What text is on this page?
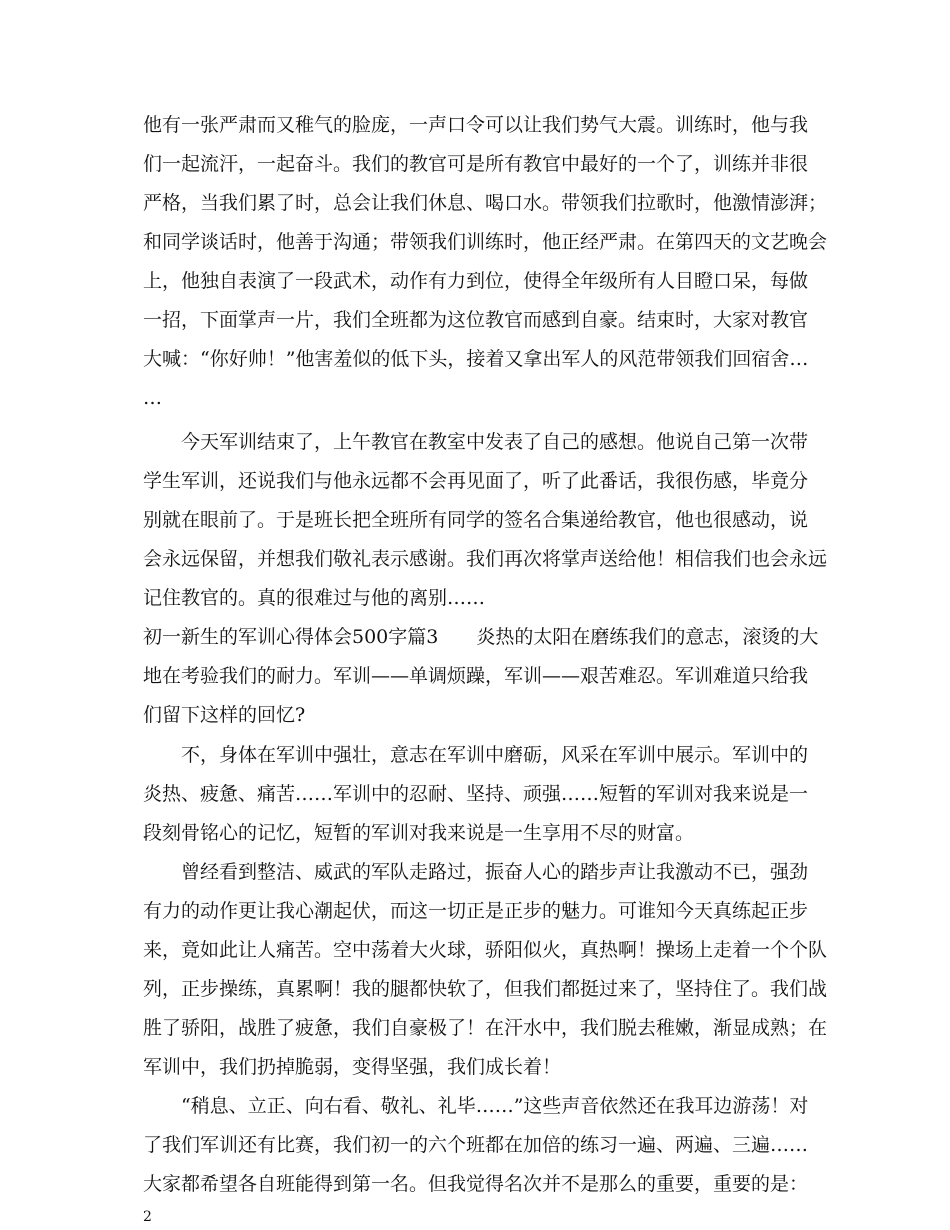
他有一张严肃而又稚气的脸庞，一声口令可以让我们势气大震。训练时，他与我
们一起流汗，一起奋斗。我们的教官可是所有教官中最好的一个了，训练并非很
严格，当我们累了时，总会让我们休息、喝口水。带领我们拉歌时，他激情澎湃；
和同学谈话时，他善于沟通；带领我们训练时，他正经严肃。在第四天的文艺晚会
上，他独自表演了一段武术，动作有力到位，使得全年级所有人目瞪口呆，每做
一招，下面掌声一片，我们全班都为这位教官而感到自豪。结束时，大家对教官
大喊：“你好帅！”他害羞似的低下头，接着又拿出军人的风范带领我们回宿舍…
…
今天军训结束了，上午教官在教室中发表了自己的感想。他说自己第一次带
学生军训，还说我们与他永远都不会再见面了，听了此番话，我很伤感，毕竟分
别就在眼前了。于是班长把全班所有同学的签名合集递给教官，他也很感动，说
会永远保留，并想我们敬礼表示感谢。我们再次将掌声送给他！相信我们也会永远
记住教官的。真的很难过与他的离别……
初一新生的军训心得体会500字篇3　　炎热的太阳在磨练我们的意志，滚烫的大
地在考验我们的耐力。军训——单调烦躁，军训——艰苦难忍。军训难道只给我
们留下这样的回忆?
不，身体在军训中强壮，意志在军训中磨砺，风采在军训中展示。军训中的
炎热、疲惫、痛苦……军训中的忍耐、坚持、顽强……短暂的军训对我来说是一
段刻骨铭心的记忆，短暂的军训对我来说是一生享用不尽的财富。
曾经看到整洁、威武的军队走路过，振奋人心的踏步声让我激动不已，强劲
有力的动作更让我心潮起伏，而这一切正是正步的魅力。可谁知今天真练起正步
来，竟如此让人痛苦。空中荡着大火球，骄阳似火，真热啊！操场上走着一个个队
列，正步操练，真累啊！我的腿都快软了，但我们都挺过来了，坚持住了。我们战
胜了骄阳，战胜了疲惫，我们自豪极了！在汗水中，我们脱去稚嫩，渐显成熟；在
军训中，我们扔掉脆弱，变得坚强，我们成长着！
“稍息、立正、向右看、敬礼、礼毕……”这些声音依然还在我耳边游荡！对
了我们军训还有比赛，我们初一的六个班都在加倍的练习一遍、两遍、三遍……
大家都希望各自班能得到第一名。但我觉得名次并不是那么的重要，重要的是：
2
